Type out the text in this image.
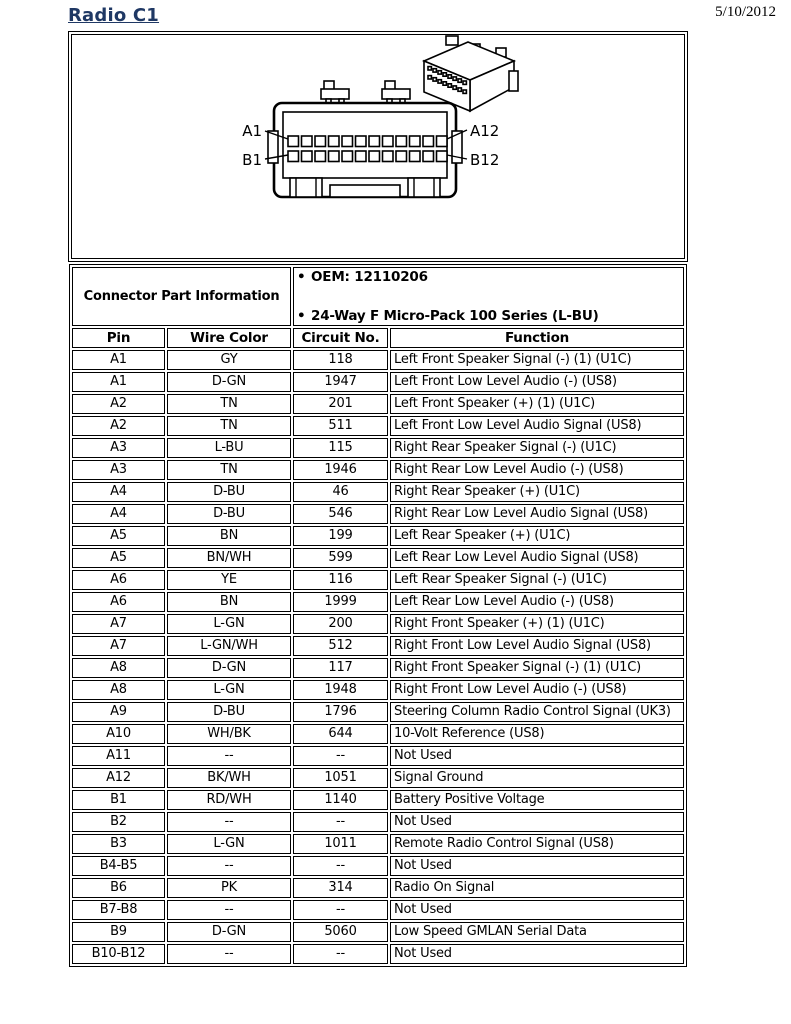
Radio C1	5/10/2012
A1	A12
B1	B12
Connector Part Information		• OEM: 12110206
• 24-Way F Micro-Pack 100 Series (L-BU)	

Pin	Wire Color	Circuit No.	Function
A1	GY	118	Left Front Speaker Signal (-) (1) (U1C)
A1	D-GN	1947	Left Front Low Level Audio (-) (US8)
A2	TN	201	Left Front Speaker (+) (1) (U1C)
A2	TN	511	Left Front Low Level Audio Signal (US8)
A3	L-BU	115	Right Rear Speaker Signal (-) (U1C)
A3	TN	1946	Right Rear Low Level Audio (-) (US8)
A4	D-BU	46	Right Rear Speaker (+) (U1C)
A4	D-BU	546	Right Rear Low Level Audio Signal (US8)
A5	BN	199	Left Rear Speaker (+) (U1C)
A5	BN/WH	599	Left Rear Low Level Audio Signal (US8)
A6	YE	116	Left Rear Speaker Signal (-) (U1C)
A6	BN	1999	Left Rear Low Level Audio (-) (US8)
A7	L-GN	200	Right Front Speaker (+) (1) (U1C)
A7	L-GN/WH	512	Right Front Low Level Audio Signal (US8)
A8	D-GN	117	Right Front Speaker Signal (-) (1) (U1C)
A8	L-GN	1948	Right Front Low Level Audio (-) (US8)
A9	D-BU	1796	Steering Column Radio Control Signal (UK3)
A10	WH/BK	644	10-Volt Reference (US8)
A11	--	--	Not Used
A12	BK/WH	1051	Signal Ground
B1	RD/WH	1140	Battery Positive Voltage
B2	--	--	Not Used
B3	L-GN	1011	Remote Radio Control Signal (US8)
B4-B5	--	--	Not Used
B6	PK	314	Radio On Signal
B7-B8	--	--	Not Used
B9	D-GN	5060	Low Speed GMLAN Serial Data
B10-B12	--	--	Not Used
